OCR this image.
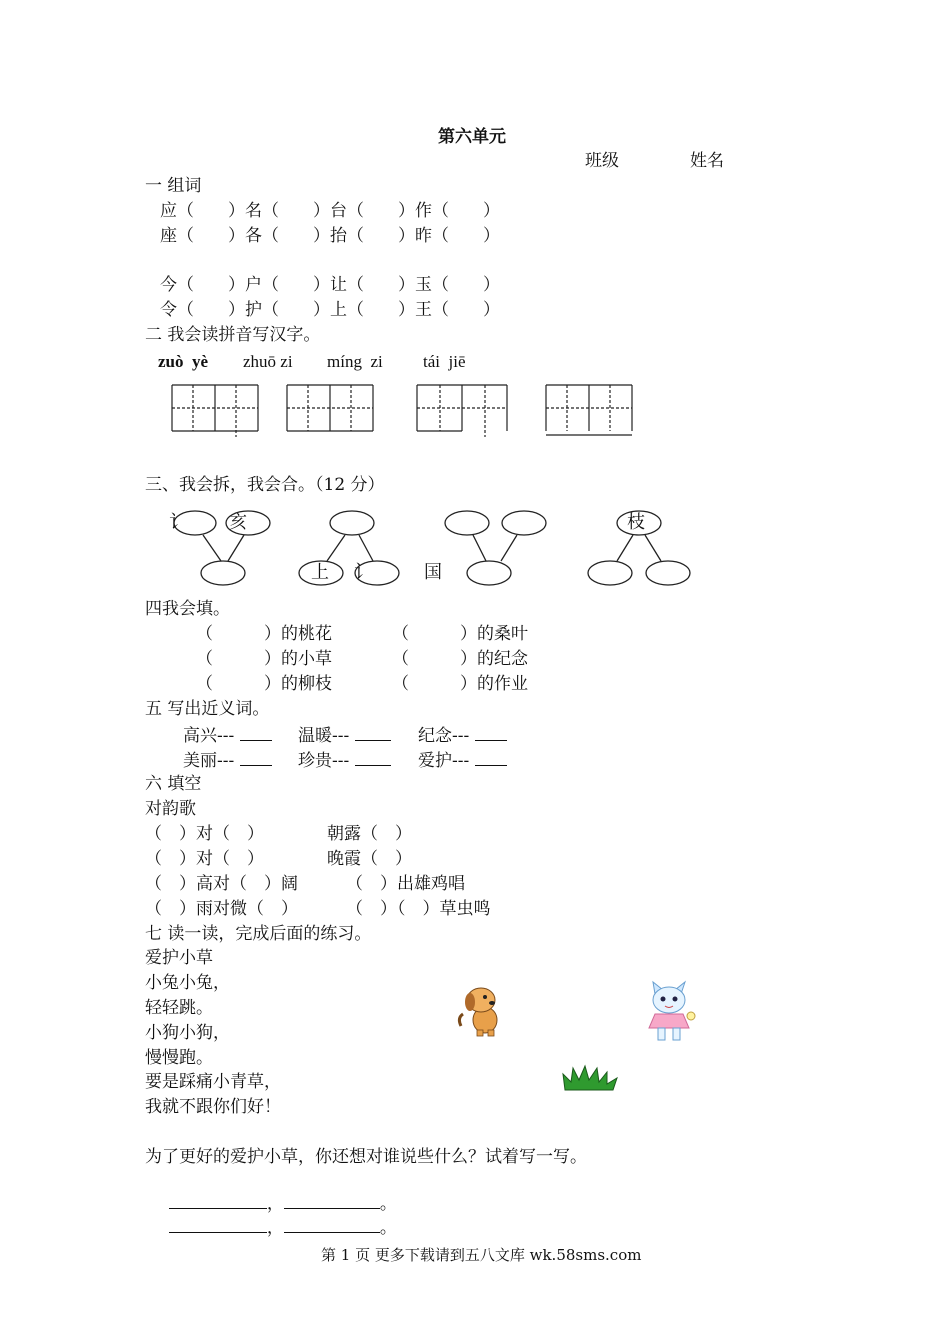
第六单元
班级	姓名
一 组词
应（　　）名（　　）台（　　）作（　　）
座（　　）各（　　）抬（　　）昨（　　）
今（　　）户（　　）让（　　）玉（　　）
令（　　）护（　　）上（　　）王（　　）
二 我会读拼音写汉字。
zuò  yè zhuō zi míng  zi tái  jiē
三、我会拆，我会合。（12 分）
讠 亥
上 讠	国
枝
四我会填。
（　　　）的桃花	（　　　）的桑叶
（　　　）的小草	（　　　）的纪念
（　　　）的柳枝	（　　　）的作业
五 写出近义词。
高兴---	温暖---	纪念---
美丽---	珍贵---	爱护---
六 填空
对韵歌
（　）对（　）	朝露（　）
（　）对（　）	晚霞（　）
（　）高对（　）阔	（　）出雄鸡唱
（　）雨对微（　）	（　）（　）草虫鸣
七 读一读，完成后面的练习。
爱护小草
小兔小兔，
轻轻跳。
小狗小狗，
慢慢跑。
要是踩痛小青草，
我就不跟你们好！
为了更好的爱护小草，你还想对谁说些什么？试着写一写。

，	。

，	。

第 1 页 更多下载请到五八文库 wk.58sms.com
